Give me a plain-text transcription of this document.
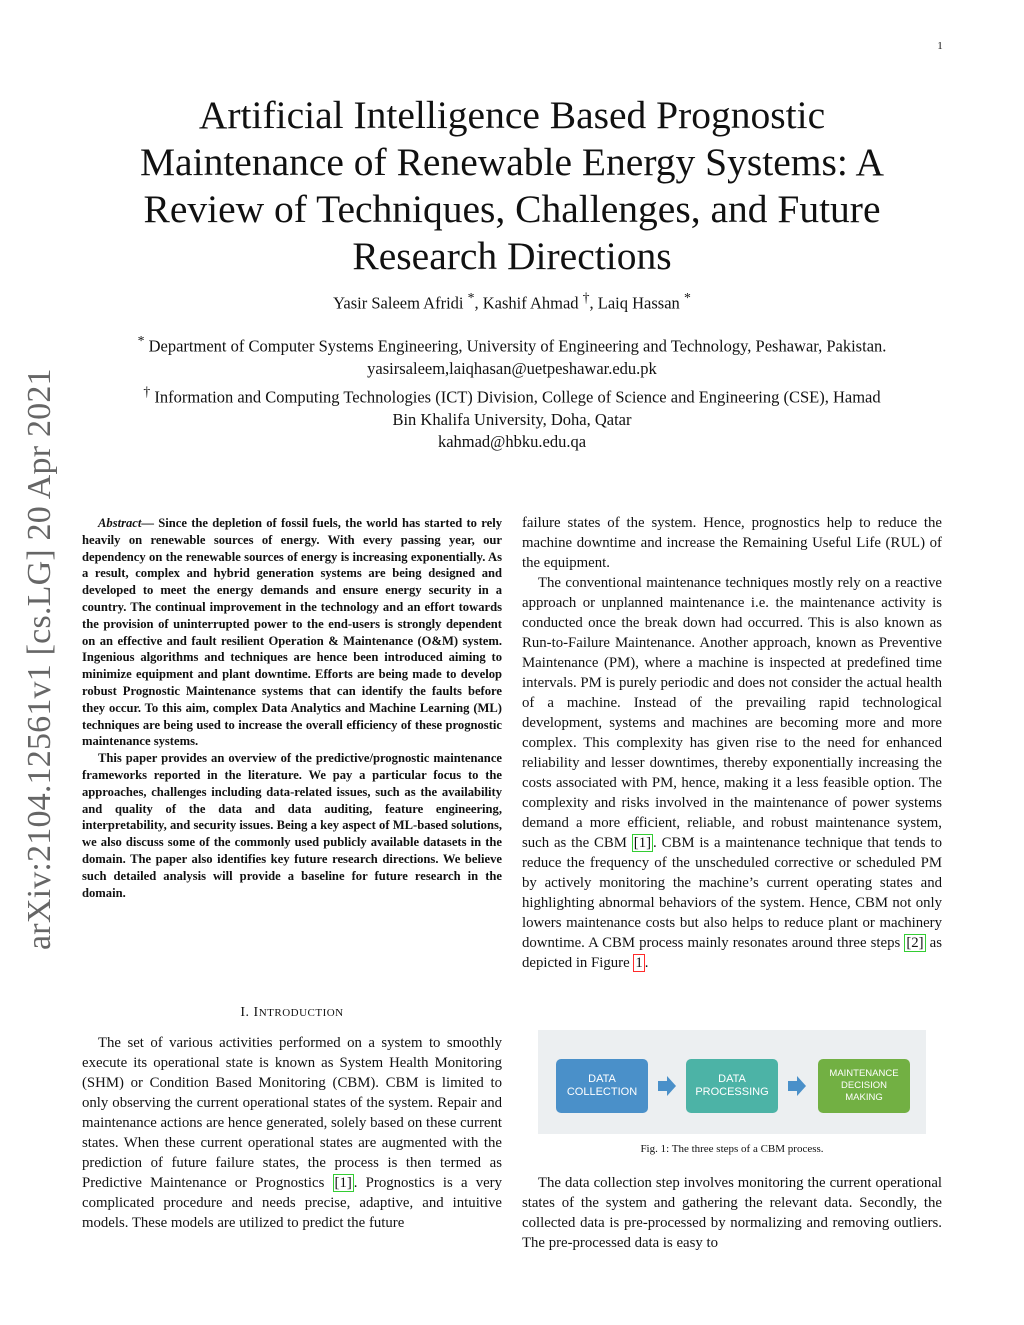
1
arXiv:2104.12561v1 [cs.LG] 20 Apr 2021
Artificial Intelligence Based Prognostic
Maintenance of Renewable Energy Systems: A
Review of Techniques, Challenges, and Future
Research Directions
Yasir Saleem Afridi *, Kashif Ahmad †, Laiq Hassan *
* Department of Computer Systems Engineering, University of Engineering and Technology, Peshawar, Pakistan.
yasirsaleem,laiqhasan@uetpeshawar.edu.pk
† Information and Computing Technologies (ICT) Division, College of Science and Engineering (CSE), Hamad
Bin Khalifa University, Doha, Qatar
kahmad@hbku.edu.qa

Abstract— Since the depletion of fossil fuels, the world has started to rely heavily on renewable sources of energy. With every passing year, our dependency on the renewable sources of energy is increasing exponentially. As a result, complex and hybrid generation systems are being designed and developed to meet the energy demands and ensure energy security in a country. The continual improvement in the technology and an effort towards the provision of uninterrupted power to the end-users is strongly dependent on an effective and fault resilient Operation & Maintenance (O&M) system. Ingenious algorithms and techniques are hence been introduced aiming to minimize equipment and plant downtime. Efforts are being made to develop robust Prognostic Maintenance systems that can identify the faults before they occur. To this aim, complex Data Analytics and Machine Learning (ML) techniques are being used to increase the overall efficiency of these prognostic maintenance systems.

This paper provides an overview of the predictive/prognostic maintenance frameworks reported in the literature. We pay a particular focus to the approaches, challenges including data-related issues, such as the availability and quality of the data and data auditing, feature engineering, interpretability, and security issues. Being a key aspect of ML-based solutions, we also discuss some of the commonly used publicly available datasets in the domain. The paper also identifies key future research directions. We believe such detailed analysis will provide a baseline for future research in the domain.

I. INTRODUCTION

The set of various activities performed on a system to smoothly execute its operational state is known as System Health Monitoring (SHM) or Condition Based Monitoring (CBM). CBM is limited to only observing the current operational states of the system. Repair and maintenance actions are hence generated, solely based on these current states. When these current operational states are augmented with the prediction of future failure states, the process is then termed as Predictive Maintenance or Prognostics [1] . Prognostics is a very complicated procedure and needs precise, adaptive, and intuitive models. These models are utilized to predict the future

failure states of the system. Hence, prognostics help to reduce the machine downtime and increase the Remaining Useful Life (RUL) of the equipment.

The conventional maintenance techniques mostly rely on a reactive approach or unplanned maintenance i.e. the maintenance activity is conducted once the break down had occurred. This is also known as Run-to-Failure Maintenance. Another approach, known as Preventive Maintenance (PM), where a machine is inspected at predefined time intervals. PM is purely periodic and does not consider the actual health of a machine. Instead of the prevailing rapid technological development, systems and machines are becoming more and more complex. This complexity has given rise to the need for enhanced reliability and lesser downtimes, thereby exponentially increasing the costs associated with PM, hence, making it a less feasible option. The complexity and risks involved in the maintenance of power systems demand a more efficient, reliable, and robust maintenance system, such as the CBM [1] . CBM is a maintenance technique that tends to reduce the frequency of the unscheduled corrective or scheduled PM by actively monitoring the machine’s current operating states and highlighting abnormal behaviors of the system. Hence, CBM not only lowers maintenance costs but also helps to reduce plant or machinery downtime. A CBM process mainly resonates around three steps [2] as depicted in Figure 1 .

DATA
COLLECTION
DATA
PROCESSING
MAINTENANCE
DECISION
MAKING
Fig. 1: The three steps of a CBM process.

The data collection step involves monitoring the current operational states of the system and gathering the relevant data. Secondly, the collected data is pre-processed by normalizing and removing outliers. The pre-processed data is easy to
